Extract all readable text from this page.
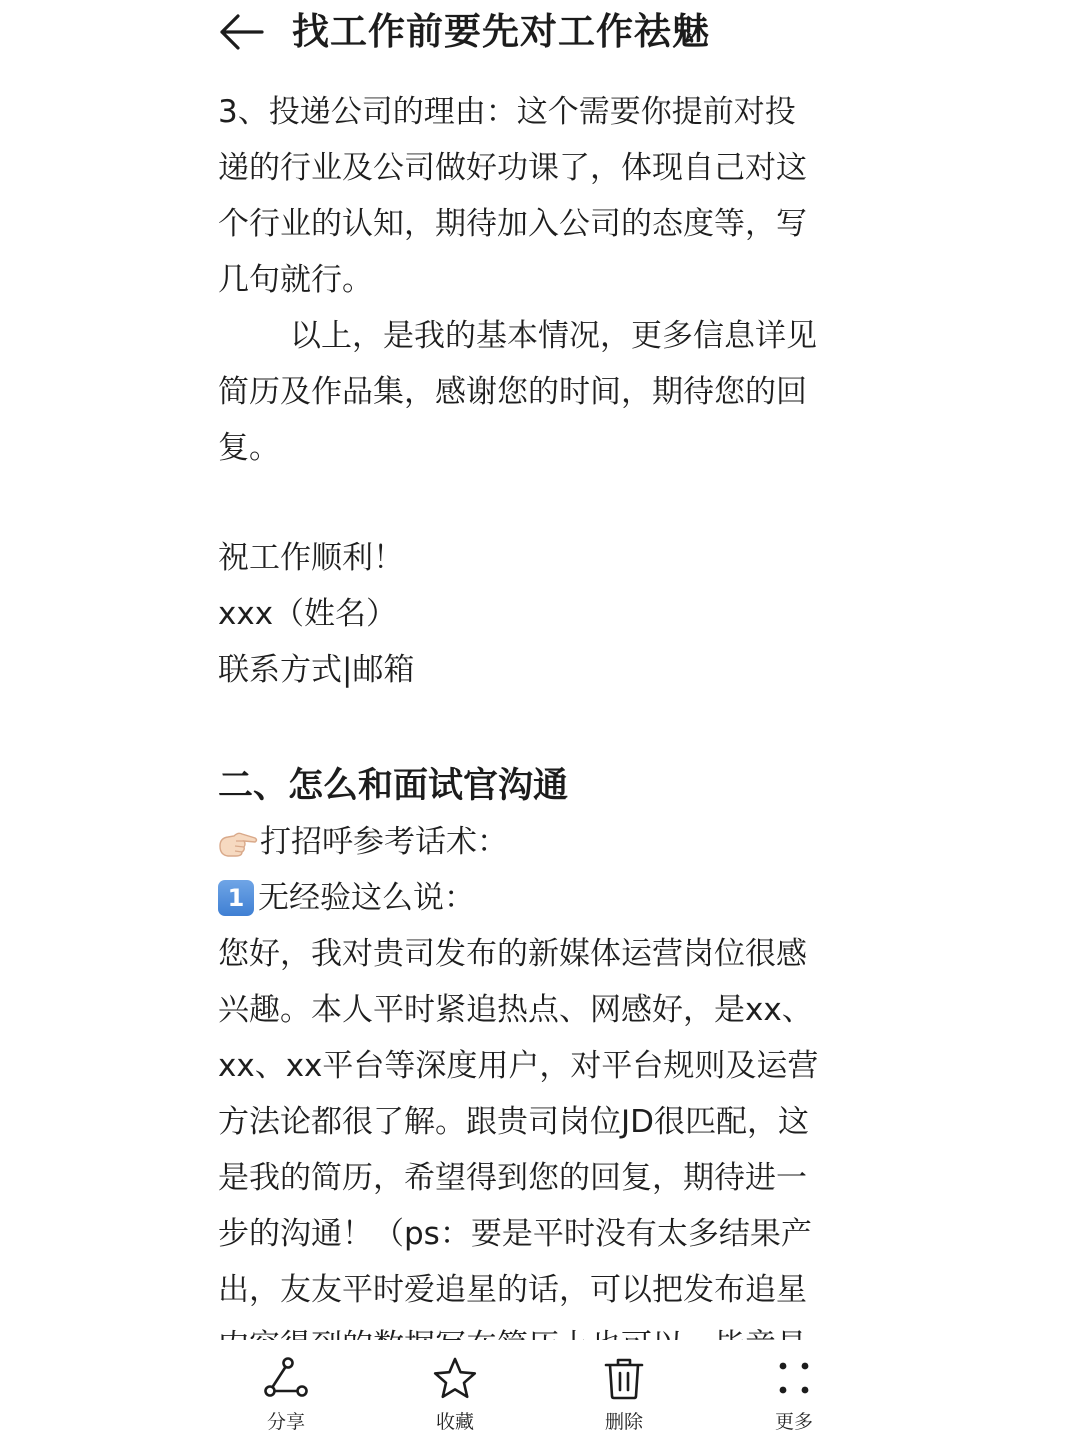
找工作前要先对工作祛魅
3、投递公司的理由：这个需要你提前对投
递的行业及公司做好功课了，体现自己对这
个行业的认知，期待加入公司的态度等，写
几句就行。
以上，是我的基本情况，更多信息详见
简历及作品集，感谢您的时间，期待您的回
复。
祝工作顺利！
xxx（姓名）
联系方式|邮箱
二、怎么和面试官沟通
打招呼参考话术：
1 无经验这么说：
您好，我对贵司发布的新媒体运营岗位很感
兴趣。本人平时紧追热点、网感好，是xx、
xx、xx平台等深度用户，对平台规则及运营
方法论都很了解。跟贵司岗位JD很匹配，这
是我的简历，希望得到您的回复，期待进一
步的沟通！（ps：要是平时没有太多结果产
出，友友平时爱追星的话，可以把发布追星
分享	收藏	删除	更多
